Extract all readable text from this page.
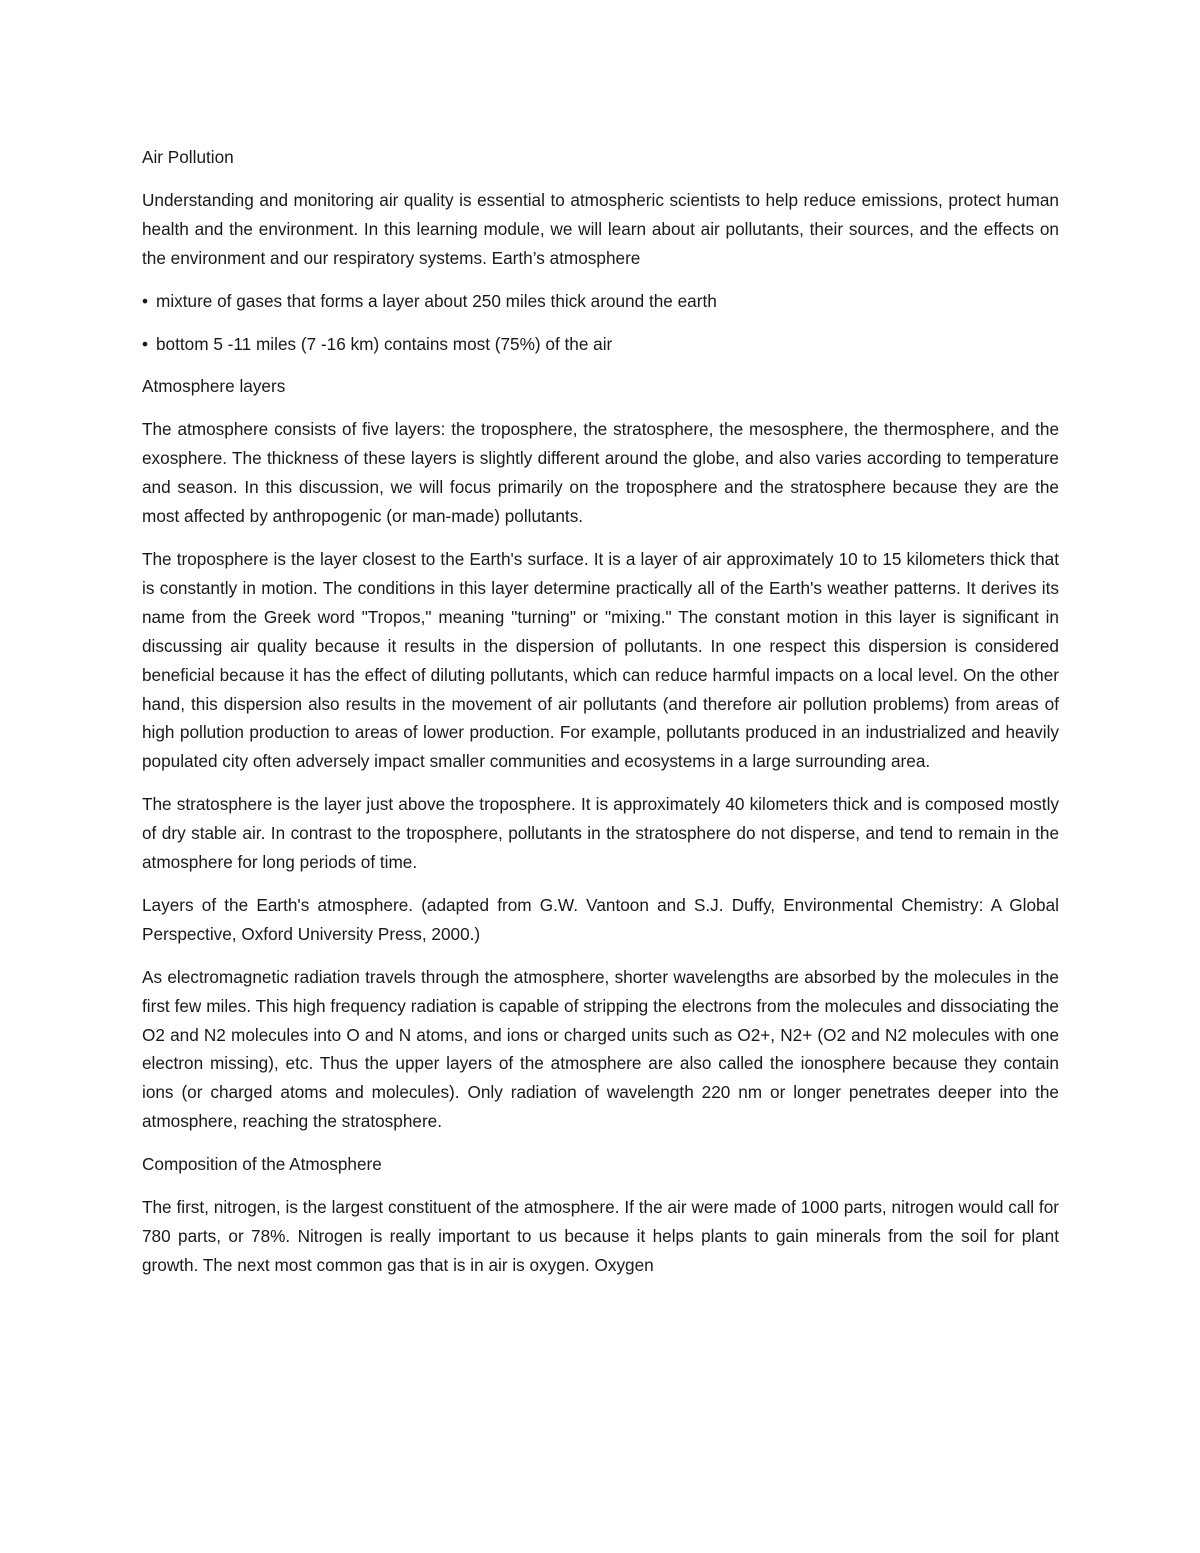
Air Pollution

Understanding and monitoring air quality is essential to atmospheric scientists to help reduce emissions, protect human health and the environment. In this learning module, we will learn about air pollutants, their sources, and the effects on the environment and our respiratory systems. Earth’s atmosphere

• mixture of gases that forms a layer about 250 miles thick around the earth
• bottom 5 -11 miles (7 -16 km) contains most (75%) of the air

Atmosphere layers

The atmosphere consists of five layers: the troposphere, the stratosphere, the mesosphere, the thermosphere, and the exosphere. The thickness of these layers is slightly different around the globe, and also varies according to temperature and season. In this discussion, we will focus primarily on the troposphere and the stratosphere because they are the most affected by anthropogenic (or man-made) pollutants.

The troposphere is the layer closest to the Earth's surface. It is a layer of air approximately 10 to 15 kilometers thick that is constantly in motion. The conditions in this layer determine practically all of the Earth's weather patterns. It derives its name from the Greek word "Tropos," meaning "turning" or "mixing." The constant motion in this layer is significant in discussing air quality because it results in the dispersion of pollutants. In one respect this dispersion is considered beneficial because it has the effect of diluting pollutants, which can reduce harmful impacts on a local level. On the other hand, this dispersion also results in the movement of air pollutants (and therefore air pollution problems) from areas of high pollution production to areas of lower production. For example, pollutants produced in an industrialized and heavily populated city often adversely impact smaller communities and ecosystems in a large surrounding area.

The stratosphere is the layer just above the troposphere. It is approximately 40 kilometers thick and is composed mostly of dry stable air. In contrast to the troposphere, pollutants in the stratosphere do not disperse, and tend to remain in the atmosphere for long periods of time.

Layers of the Earth's atmosphere. (adapted from G.W. Vantoon and S.J. Duffy, Environmental Chemistry: A Global Perspective, Oxford University Press, 2000.)

As electromagnetic radiation travels through the atmosphere, shorter wavelengths are absorbed by the molecules in the first few miles. This high frequency radiation is capable of stripping the electrons from the molecules and dissociating the O2 and N2 molecules into O and N atoms, and ions or charged units such as O2+, N2+ (O2 and N2 molecules with one electron missing), etc. Thus the upper layers of the atmosphere are also called the ionosphere because they contain ions (or charged atoms and molecules). Only radiation of wavelength 220 nm or longer penetrates deeper into the atmosphere, reaching the stratosphere.

Composition of the Atmosphere

The first, nitrogen, is the largest constituent of the atmosphere. If the air were made of 1000 parts, nitrogen would call for 780 parts, or 78%. Nitrogen is really important to us because it helps plants to gain minerals from the soil for plant growth. The next most common gas that is in air is oxygen. Oxygen
